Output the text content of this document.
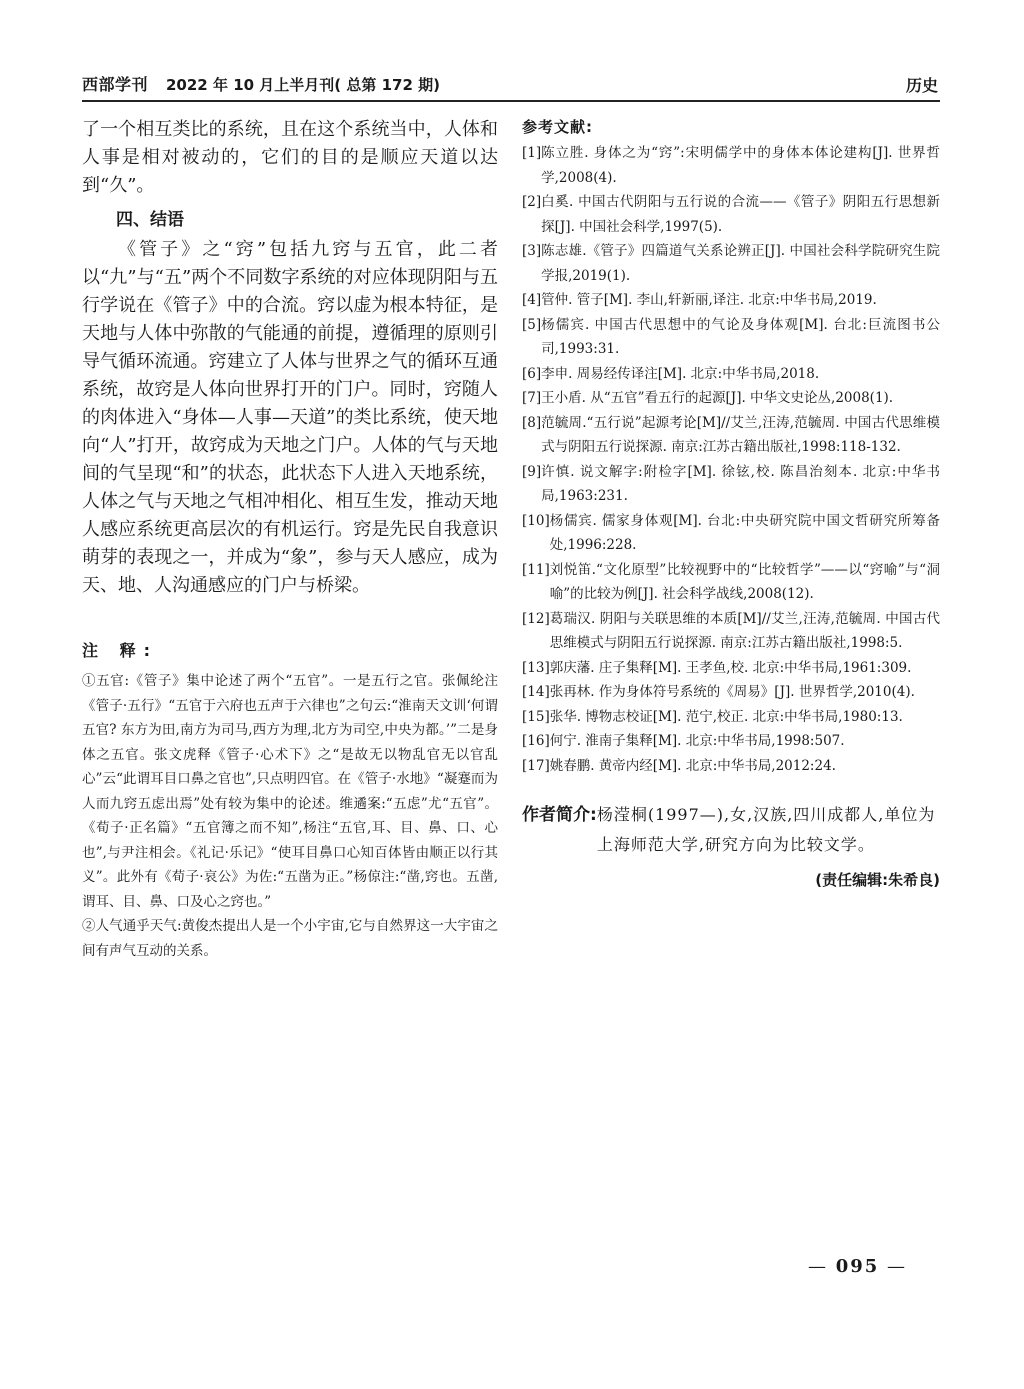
西部学刊 2022 年 10 月上半月刊( 总第 172 期)	历史

了一个相互类比的系统，且在这个系统当中，人体和人事是相对被动的，它们的目的是顺应天道以达到“久”。

四、结语

《管子》之“窍”包括九窍与五官，此二者以“九”与“五”两个不同数字系统的对应体现阴阳与五行学说在《管子》中的合流。窍以虚为根本特征，是天地与人体中弥散的气能通的前提，遵循理的原则引导气循环流通。窍建立了人体与世界之气的循环互通系统，故窍是人体向世界打开的门户。同时，窍随人的肉体进入“身体—人事—天道”的类比系统，使天地向“人”打开，故窍成为天地之门户。人体的气与天地间的气呈现“和”的状态，此状态下人进入天地系统，人体之气与天地之气相冲相化、相互生发，推动天地人感应系统更高层次的有机运行。窍是先民自我意识萌芽的表现之一，并成为“象”，参与天人感应，成为天、地、人沟通感应的门户与桥梁。

注 释:

①五官:《管子》集中论述了两个“五官”。一是五行之官。张佩纶注《管子·五行》“五官于六府也五声于六律也”之句云:“淮南天文训‘何谓五官? 东方为田,南方为司马,西方为理,北方为司空,中央为都。’”二是身体之五官。张文虎释《管子·心术下》之“是故无以物乱官无以官乱心”云“此谓耳目口鼻之官也”,只点明四官。在《管子·水地》“凝蹇而为人而九窍五虑出焉”处有较为集中的论述。维遹案:“五虑”尤“五官”。《荀子·正名篇》“五官簿之而不知”,杨注“五官,耳、目、鼻、口、心也”,与尹注相会。《礼记·乐记》“使耳目鼻口心知百体皆由顺正以行其义”。此外有《荀子·哀公》为佐:“五凿为正。”杨倞注:“凿,窍也。五凿,谓耳、目、鼻、口及心之窍也。”

②人气通乎天气:黄俊杰提出人是一个小宇宙,它与自然界这一大宇宙之间有声气互动的关系。

参考文献:
[1] 陈立胜. 身体之为“窍”:宋明儒学中的身体本体论建构[J]. 世界哲学,2008(4).
[2] 白奚. 中国古代阴阳与五行说的合流——《管子》阴阳五行思想新探[J]. 中国社会科学,1997(5).
[3] 陈志雄.《管子》四篇道气关系论辨正[J]. 中国社会科学院研究生院学报,2019(1).
[4] 管仲. 管子[M]. 李山,轩新丽,译注. 北京:中华书局,2019.
[5] 杨儒宾. 中国古代思想中的气论及身体观[M]. 台北:巨流图书公司,1993:31.
[6] 李申. 周易经传译注[M]. 北京:中华书局,2018.
[7] 王小盾. 从“五官”看五行的起源[J]. 中华文史论丛,2008(1).
[8] 范毓周.“五行说”起源考论[M]//艾兰,汪涛,范毓周. 中国古代思维模式与阴阳五行说探源. 南京:江苏古籍出版社,1998:118-132.
[9] 许慎. 说文解字:附检字[M]. 徐铉,校. 陈昌治刻本. 北京:中华书局,1963:231.
[10] 杨儒宾. 儒家身体观[M]. 台北:中央研究院中国文哲研究所筹备处,1996:228.
[11] 刘悦笛.“文化原型”比较视野中的“比较哲学”——以“窍喻”与“洞喻”的比较为例[J]. 社会科学战线,2008(12).
[12] 葛瑞汉. 阴阳与关联思维的本质[M]//艾兰,汪涛,范毓周. 中国古代思维模式与阴阳五行说探源. 南京:江苏古籍出版社,1998:5.
[13] 郭庆藩. 庄子集释[M]. 王孝鱼,校. 北京:中华书局,1961:309.
[14] 张再林. 作为身体符号系统的《周易》[J]. 世界哲学,2010(4).
[15] 张华. 博物志校证[M]. 范宁,校正. 北京:中华书局,1980:13.
[16] 何宁. 淮南子集释[M]. 北京:中华书局,1998:507.
[17] 姚春鹏. 黄帝内经[M]. 北京:中华书局,2012:24.
作者简介: 杨滢桐(1997—),女,汉族,四川成都人,单位为上海师范大学,研究方向为比较文学。
(责任编辑:朱希良)
— 095 —
